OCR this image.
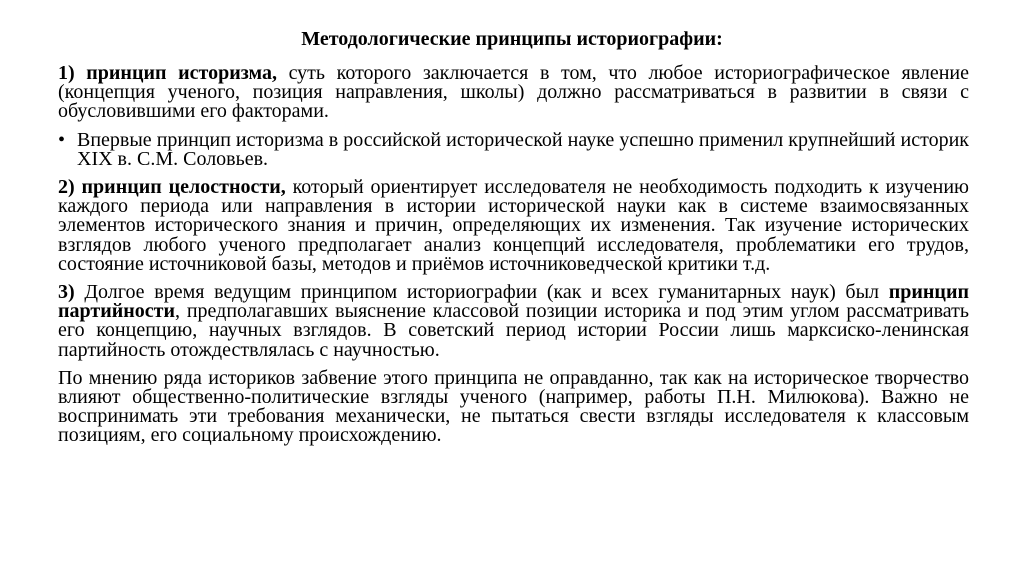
Методологические принципы историографии:

1) принцип историзма, суть которого заключается в том, что любое историографическое явление (концепция ученого, позиция направления, школы) должно рассматриваться в развитии в связи с обусловившими его факторами.

• Впервые принцип историзма в российской исторической науке успешно применил крупнейший историк XIX в. С.М. Соловьев.

2) принцип целостности, который ориентирует исследователя не необходимость подходить к изучению каждого периода или направления в истории исторической науки как в системе взаимосвязанных элементов исторического знания и причин, определяющих их изменения. Так изучение исторических взглядов любого ученого предполагает анализ концепций исследователя, проблематики его трудов, состояние источниковой базы, методов и приёмов источниковедческой критики т.д.

3) Долгое время ведущим принципом историографии (как и всех гуманитарных наук) был принцип партийности, предполагавших выяснение классовой позиции историка и под этим углом рассматривать его концепцию, научных взглядов. В советский период истории России лишь марксиско-ленинская партийность отождествлялась с научностью.

По мнению ряда историков забвение этого принципа не оправданно, так как на историческое творчество влияют общественно-политические взгляды ученого (например, работы П.Н. Милюкова). Важно не воспринимать эти требования механически, не пытаться свести взгляды исследователя к классовым позициям, его социальному происхождению.
